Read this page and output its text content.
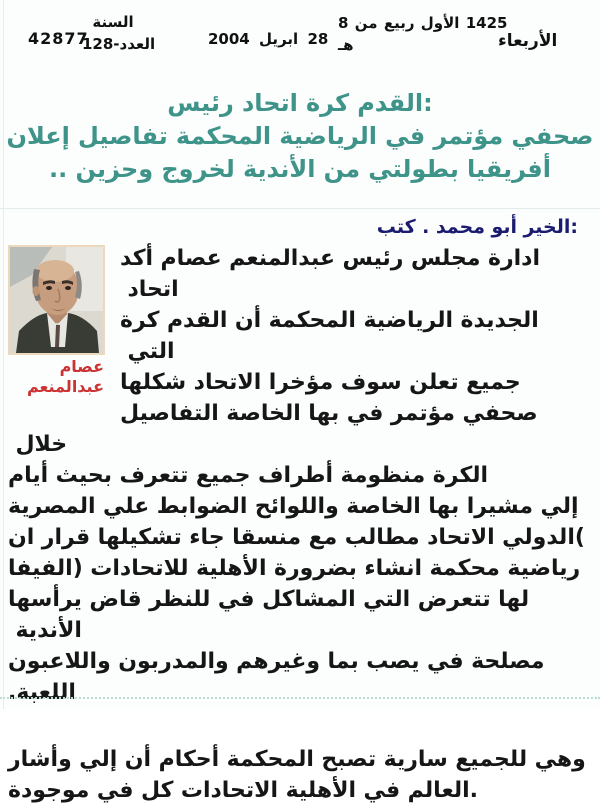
42877
السنة
128-العدد	2004 ابريل 28
8 من ربيع الأول 1425
هـ	الأربعاء
رئيس اتحاد كرة القدم:
إعلان تفاصيل المحكمة الرياضية في مؤتمر صحفي
.. وحزين لخروج الأندية من بطولتي أفريقيا
كتب . محمد أبو الخير:
عصام
عبدالمنعم
أكد عصام عبدالمنعم رئيس مجلس ادارةاتحاد
كرة القدم أن المحكمة الرياضية الجديدةالتي
شكلها الاتحاد مؤخرا سوف تعلن جميع
التفاصيل الخاصة بها في مؤتمر صحفيخلال
أيام بحيث تتعرف جميع أطراف منظومة الكرة
المصرية علي الضوابط واللوائح الخاصة بها مشيرا إلي
ان قرار تشكيلها جاء منسقا مع مطالب الاتحاد الدولي(
الفيفا) للاتحادات الأهلية بضرورة انشاء محكمة رياضية
يرأسها قاض للنظر في المشاكل التي تتعرض لهاالأندية
واللاعبون والمدربون وغيرهم بما يصب في مصلحة
.اللعبة
وأشار إلي أن أحكام المحكمة تصبح سارية للجميع وهي
موجودة في كل الاتحادات الأهلية في العالم.
